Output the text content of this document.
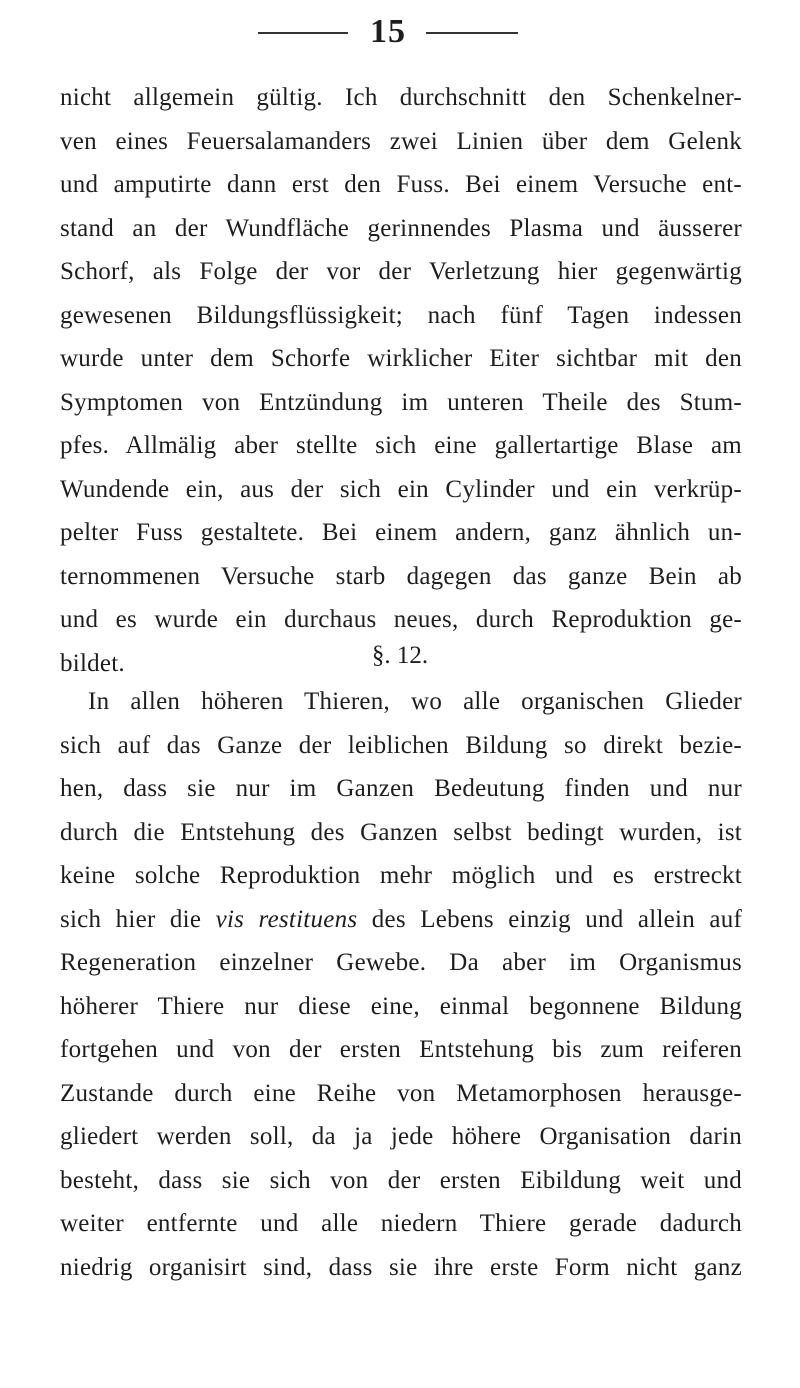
15
nicht allgemein gültig. Ich durchschnitt den Schenkelner-
ven eines Feuersalamanders zwei Linien über dem Gelenk
und amputirte dann erst den Fuss. Bei einem Versuche ent-
stand an der Wundfläche gerinnendes Plasma und äusserer
Schorf, als Folge der vor der Verletzung hier gegenwärtig
gewesenen Bildungsflüssigkeit; nach fünf Tagen indessen
wurde unter dem Schorfe wirklicher Eiter sichtbar mit den
Symptomen von Entzündung im unteren Theile des Stum-
pfes. Allmälig aber stellte sich eine gallertartige Blase am
Wundende ein, aus der sich ein Cylinder und ein verkrüp-
pelter Fuss gestaltete. Bei einem andern, ganz ähnlich un-
ternommenen Versuche starb dagegen das ganze Bein ab
und es wurde ein durchaus neues, durch Reproduktion ge-
bildet.	§. 12.
In allen höheren Thieren, wo alle organischen Glieder
sich auf das Ganze der leiblichen Bildung so direkt bezie-
hen, dass sie nur im Ganzen Bedeutung finden und nur
durch die Entstehung des Ganzen selbst bedingt wurden, ist
keine solche Reproduktion mehr möglich und es erstreckt
sich hier die vis restituens des Lebens einzig und allein auf
Regeneration einzelner Gewebe. Da aber im Organismus
höherer Thiere nur diese eine, einmal begonnene Bildung
fortgehen und von der ersten Entstehung bis zum reiferen
Zustande durch eine Reihe von Metamorphosen herausge-
gliedert werden soll, da ja jede höhere Organisation darin
besteht, dass sie sich von der ersten Eibildung weit und
weiter entfernte und alle niedern Thiere gerade dadurch
niedrig organisirt sind, dass sie ihre erste Form nicht ganz
